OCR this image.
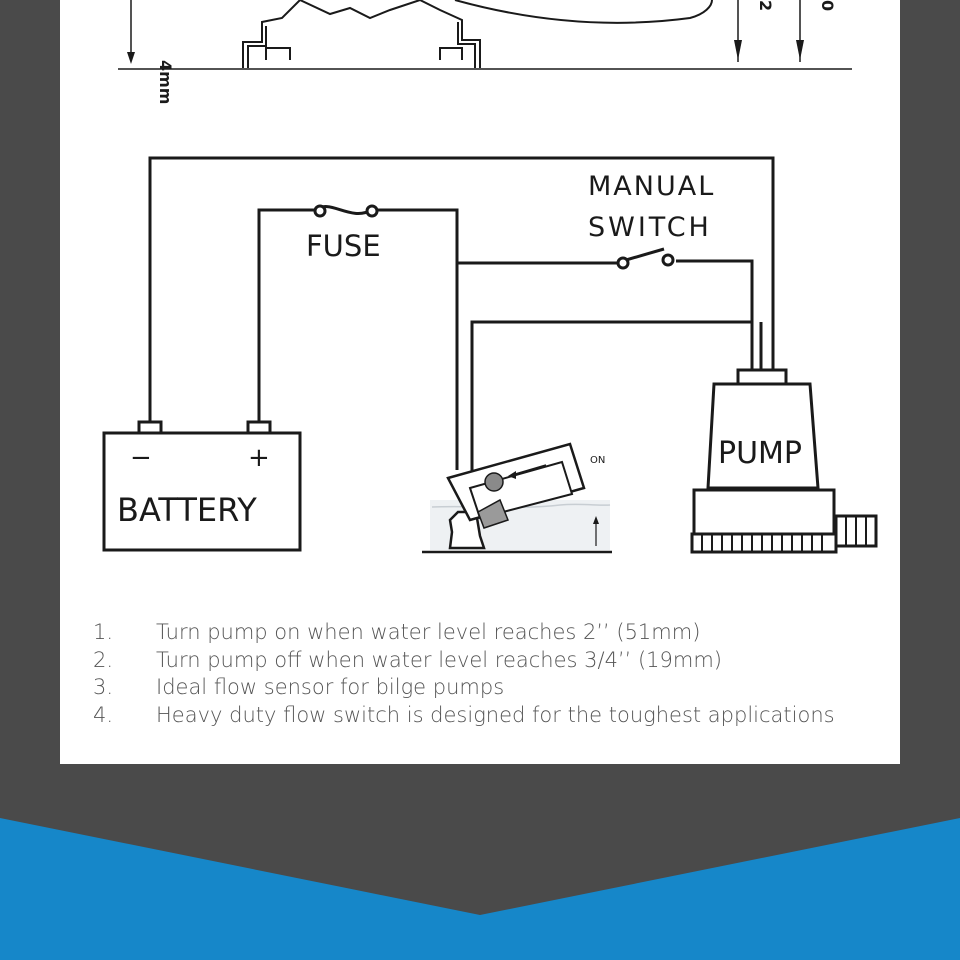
4mm
2	0
FUSE
MANUAL
SWITCH
−	+
BATTERY
PUMP
ON
1.	Turn pump on when water level reaches 2’’ (51mm)
2.	Turn pump off when water level reaches 3/4’’ (19mm)
3.	Ideal flow sensor for bilge pumps
4.	Heavy duty flow switch is designed for the toughest applications
